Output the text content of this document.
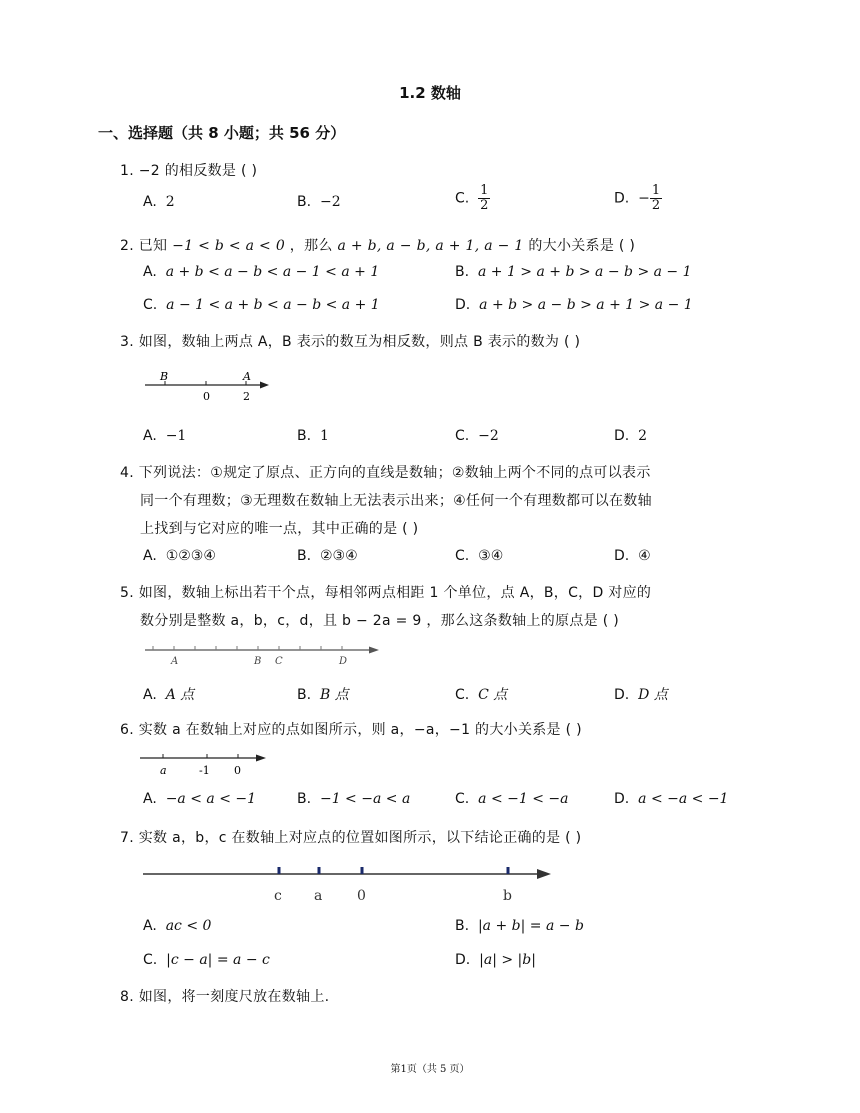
1.2 数轴
一、选择题（共 8 小题；共 56 分）
1. −2 的相反数是 ( )
A. 2	B. −2	C. $\frac{1}{2}$	D. − $\frac{1}{2}$
2. 已知 −1 < b < a < 0 ，那么 a + b, a − b, a + 1, a − 1 的大小关系是 ( )
A. a + b < a − b < a − 1 < a + 1	B. a + 1 > a + b > a − b > a − 1
C. a − 1 < a + b < a − b < a + 1	D. a + b > a − b > a + 1 > a − 1
3. 如图，数轴上两点 A，B 表示的数互为相反数，则点 B 表示的数为 ( )
B	A
0	2
A. −1	B. 1	C. −2	D. 2
4. 下列说法：①规定了原点、正方向的直线是数轴；②数轴上两个不同的点可以表示
同一个有理数；③无理数在数轴上无法表示出来；④任何一个有理数都可以在数轴
上找到与它对应的唯一点，其中正确的是 ( )
A. ①②③④	B. ②③④	C. ③④	D. ④
5. 如图，数轴上标出若干个点，每相邻两点相距 1 个单位，点 A，B，C，D 对应的
数分别是整数 a，b，c，d，且 b − 2a = 9 ，那么这条数轴上的原点是 ( )
A	B C	D
A. A 点	B. B 点	C. C 点	D. D 点
6. 实数 a 在数轴上对应的点如图所示，则 a，−a，−1 的大小关系是 ( )
a	-1 0
A. −a < a < −1	B. −1 < −a < a	C. a < −1 < −a	D. a < −a < −1
7. 实数 a，b，c 在数轴上对应点的位置如图所示，以下结论正确的是 ( )
c a 0	b
A. ac < 0	B. |a + b| = a − b
C. |c − a| = a − c	D. |a| > |b|
8. 如图，将一刻度尺放在数轴上.
第1页（共 5 页）
